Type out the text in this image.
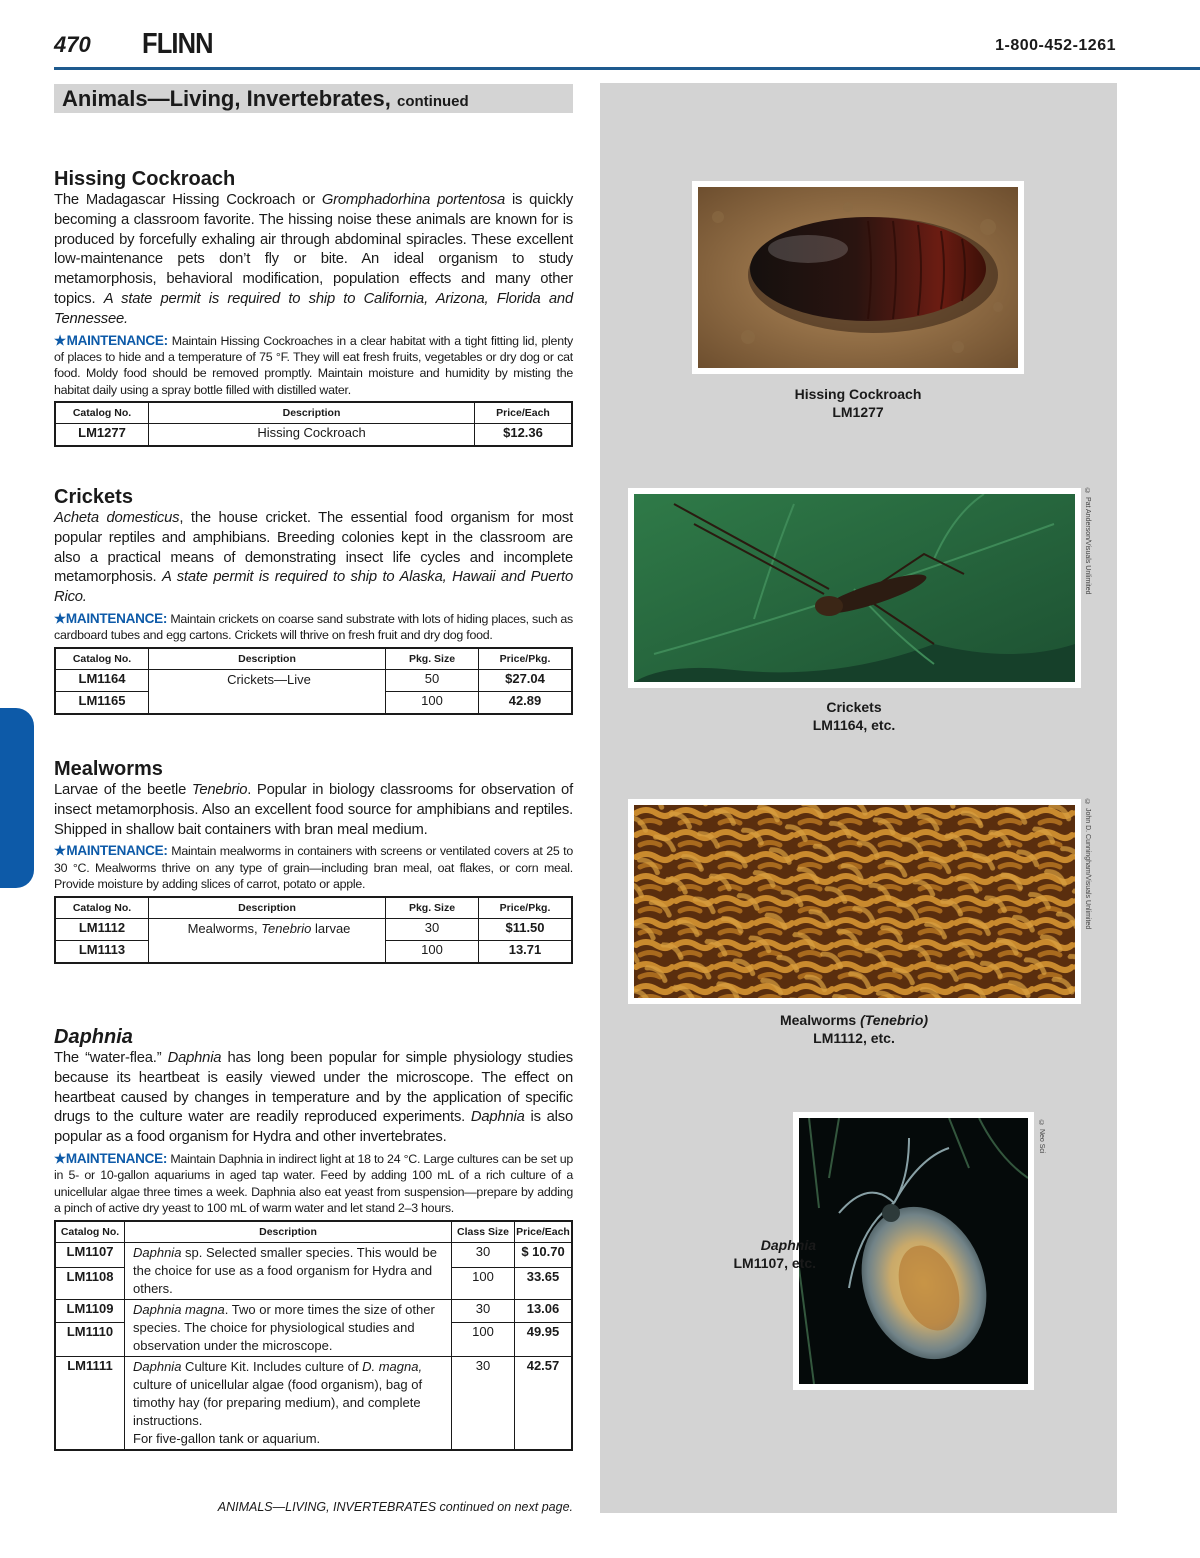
470 FLINN	1-800-452-1261
Animals—Living, Invertebrates, continued
Hissing Cockroach
The Madagascar Hissing Cockroach or Gromphadorhina portentosa is quickly becoming a classroom favorite. The hissing noise these animals are known for is produced by forcefully exhaling air through abdominal spiracles. These excellent low-maintenance pets don’t fly or bite. An ideal organism to study metamorphosis, behavioral modification, population effects and many other topics. A state permit is required to ship to California, Arizona, Florida and Tennessee.
★MAINTENANCE: Maintain Hissing Cockroaches in a clear habitat with a tight fitting lid, plenty of places to hide and a temperature of 75 °F. They will eat fresh fruits, vegetables or dry dog or cat food. Moldy food should be removed promptly. Maintain moisture and humidity by misting the habitat daily using a spray bottle filled with distilled water.
Catalog No.	Description	Price/Each
LM1277	Hissing Cockroach	$12.36
Crickets
Acheta domesticus, the house cricket. The essential food organism for most popular reptiles and amphibians. Breeding colonies kept in the classroom are also a practical means of demonstrating insect life cycles and incomplete metamorphosis. A state permit is required to ship to Alaska, Hawaii and Puerto Rico.
★MAINTENANCE: Maintain crickets on coarse sand substrate with lots of hiding places, such as cardboard tubes and egg cartons. Crickets will thrive on fresh fruit and dry dog food.
Catalog No.	Description	Pkg. Size	Price/Pkg.
LM1164	Crickets—Live	50	$27.04
LM1165		100	42.89
Mealworms
Larvae of the beetle Tenebrio. Popular in biology classrooms for observation of insect metamorphosis. Also an excellent food source for amphibians and reptiles. Shipped in shallow bait containers with bran meal medium.
★MAINTENANCE: Maintain mealworms in containers with screens or ventilated covers at 25 to 30 °C. Mealworms thrive on any type of grain—including bran meal, oat flakes, or corn meal. Provide moisture by adding slices of carrot, potato or apple.
Catalog No.	Description	Pkg. Size	Price/Pkg.
LM1112	Mealworms, Tenebrio larvae	30	$11.50
LM1113		100	13.71
Daphnia
The “water-flea.” Daphnia has long been popular for simple physiology studies because its heartbeat is easily viewed under the microscope. The effect on heartbeat caused by changes in temperature and by the application of specific drugs to the culture water are readily reproduced experiments. Daphnia is also popular as a food organism for Hydra and other invertebrates.
★MAINTENANCE: Maintain Daphnia in indirect light at 18 to 24 °C. Large cultures can be set up in 5- or 10-gallon aquariums in aged tap water. Feed by adding 100 mL of a rich culture of a unicellular algae three times a week. Daphnia also eat yeast from suspension—prepare by adding a pinch of active dry yeast to 100 mL of warm water and let stand 2–3 hours.
Catalog No.	Description	Class Size	Price/Each
LM1107	Daphnia sp. Selected smaller species. This would be the choice for use as a food organism for Hydra and others.	30	$ 10.70
LM1108		100	33.65
LM1109	Daphnia magna. Two or more times the size of other species. The choice for physiological studies and observation under the microscope.	30	13.06
LM1110		100	49.95
LM1111	Daphnia Culture Kit. Includes culture of D. magna, culture of unicellular algae (food organism), bag of timothy hay (for preparing medium), and complete instructions.
For five-gallon tank or aquarium.	30	42.57
Hissing Cockroach
LM1277
© Pat Anderson/Visuals Unlimited
Crickets
LM1164, etc.
© John D. Cunningham/Visuals Unlimited
Mealworms (Tenebrio)
LM1112, etc.
© Neo Sci
Daphnia
LM1107, etc.
ANIMALS—LIVING, INVERTEBRATES continued on next page.
